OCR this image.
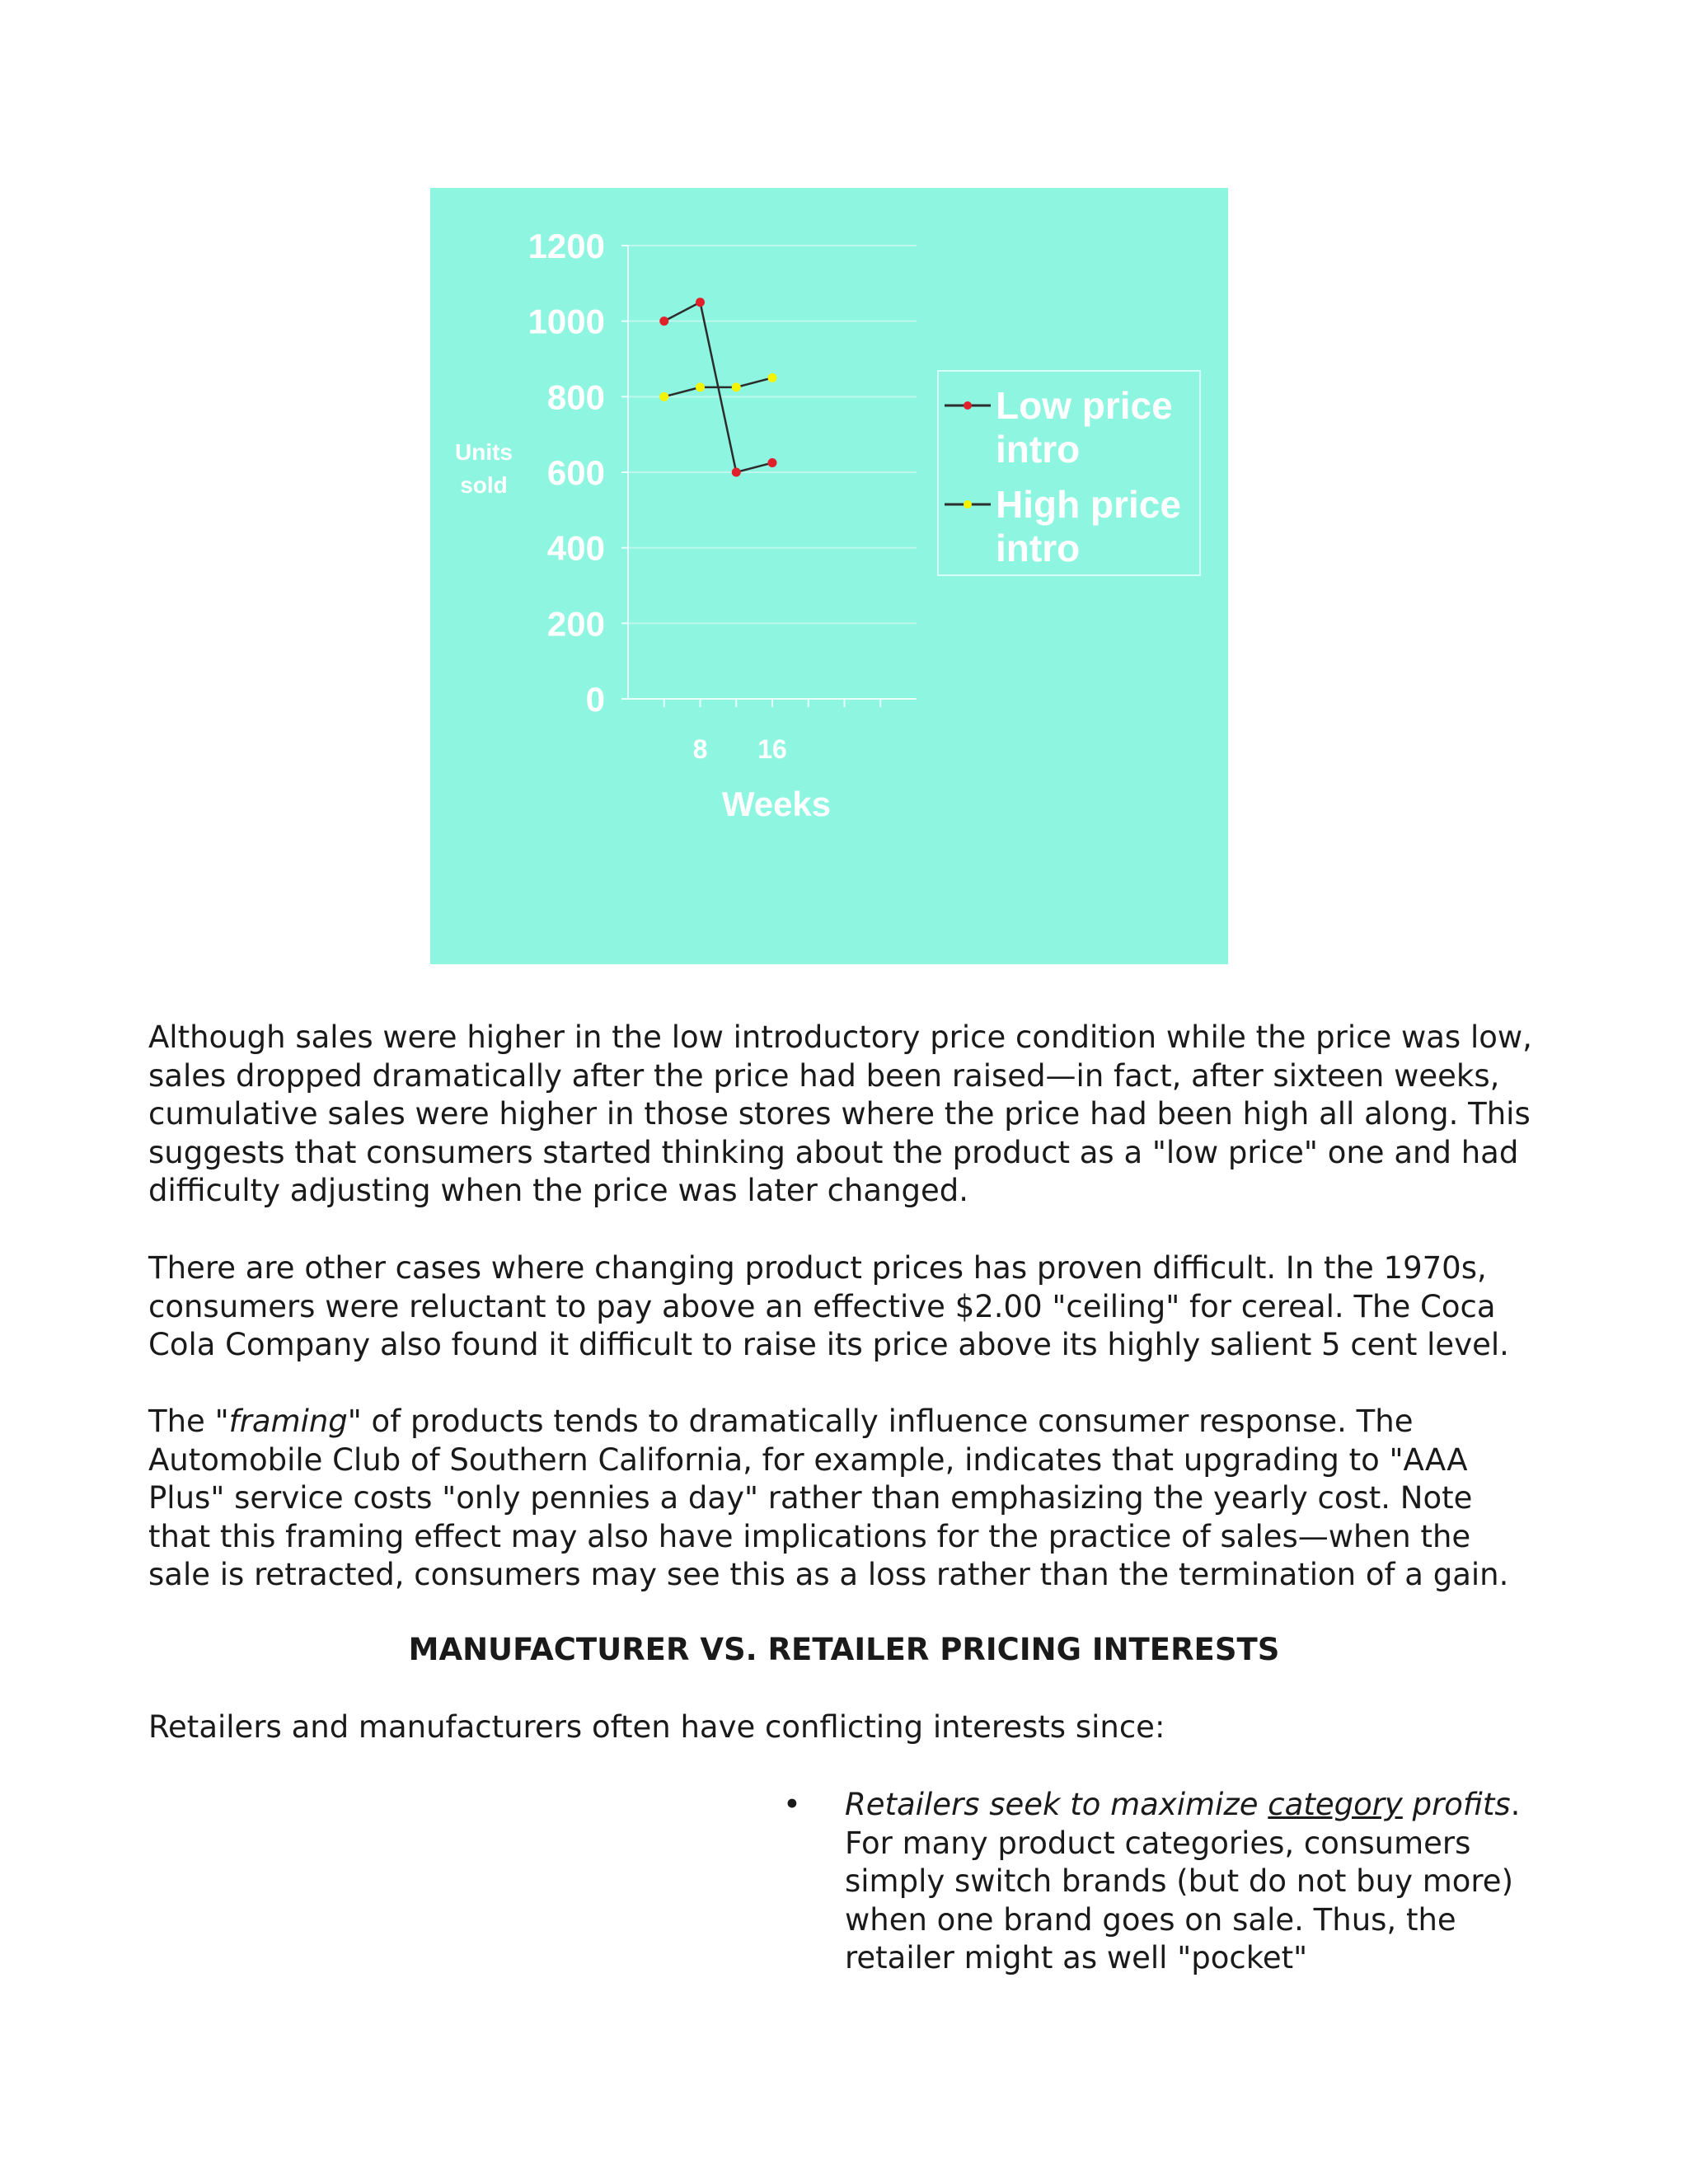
0
200
400
600
800
1000
1200
8 16
Units
sold
Weeks
Low price
intro
High price
intro

Although sales were higher in the low introductory price condition while the price was low, sales dropped dramatically after the price had been raised—in fact, after sixteen weeks, cumulative sales were higher in those stores where the price had been high all along. This suggests that consumers started thinking about the product as a "low price" one and had difficulty adjusting when the price was later changed.

There are other cases where changing product prices has proven difficult. In the 1970s, consumers were reluctant to pay above an effective $2.00 "ceiling" for cereal. The Coca Cola Company also found it difficult to raise its price above its highly salient 5 cent level.

The "framing" of products tends to dramatically influence consumer response. The Automobile Club of Southern California, for example, indicates that upgrading to "AAA Plus" service costs "only pennies a day" rather than emphasizing the yearly cost. Note that this framing effect may also have implications for the practice of sales—when the sale is retracted, consumers may see this as a loss rather than the termination of a gain.

MANUFACTURER VS. RETAILER PRICING INTERESTS

Retailers and manufacturers often have conflicting interests since:

• Retailers seek to maximize category profits. For many product categories, consumers simply switch brands (but do not buy more) when one brand goes on sale. Thus, the retailer might as well "pocket"
